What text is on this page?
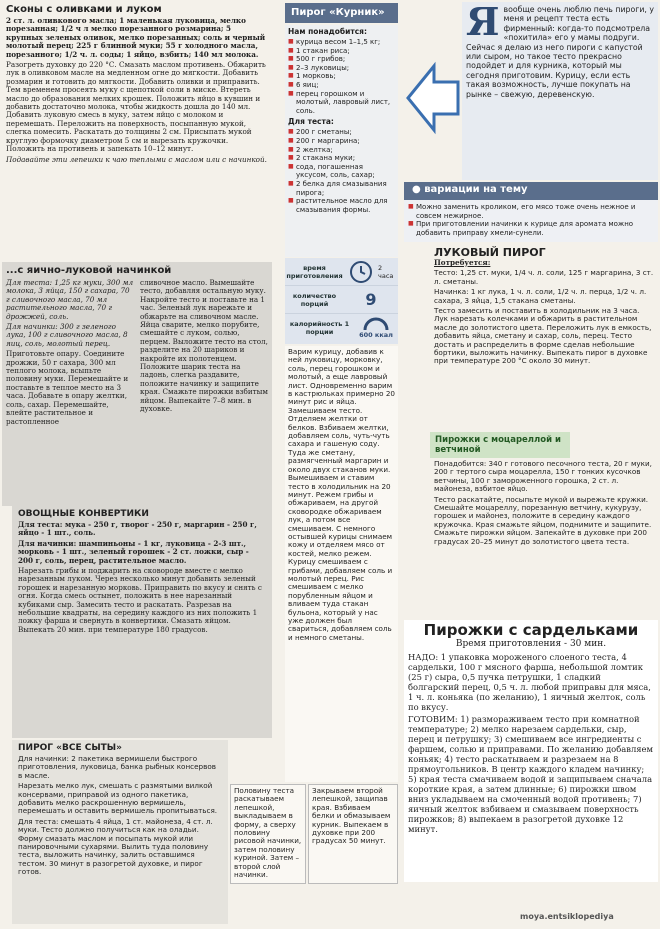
Сконы с оливками и луком

2 ст. л. оливкового масла; 1 маленькая луковица, мелко порезанная; 1/2 ч л мелко порезанного розмарина; 5 крупных зеленых оливок, мелко порезанных; соль и черный молотый перец; 225 г блинной муки; 55 г холодного масла, порезанного; 1/2 ч. л. соды; 1 яйцо, взбить; 140 мл молока.

Разогреть духовку до 220 °С. Смазать маслом противень. Обжарить лук в оливковом масле на медленном огне до мягкости. Добавить розмарин и готовить до мягкости. Добавить оливки и приправить. Тем временем просеять муку с щепоткой соли в миске. Втереть масло до образования мелких крошек. Положить яйцо в кувшин и добавить достаточно молока, чтобы жидкость дошла до 140 мл. Добавить луковую смесь в муку, затем яйцо с молоком и перемешать. Переложить на поверхность, посыпанную мукой, слегка помесить. Раскатать до толщины 2 см. Присыпать мукой круглую формочку диаметром 5 см и вырезать кружочки. Положить на противень и запекать 10–12 минут.

Подавайте эти лепешки к чаю теплыми с маслом или с начинкой.

Пирог «Курник»
Нам понадобится:
■ курица весом 1–1,5 кг;
■ 1 стакан риса;
■ 500 г грибов;
■ 2–3 луковицы;
■ 1 морковь;
■ 6 яиц;
■ перец горошком и молотый, лавровый лист, соль.
Для теста:
■ 200 г сметаны;
■ 200 г маргарина;
■ 2 желтка;
■ 2 стакана муки;
■ сода, погашенная уксусом, соль, сахар;
■ 2 белка для смазывания пирога;
■ растительное масло для смазывания формы.
время приготовления
2 часа
количество порций	9
калорийность 1 порции	600 ккал

Варим курицу, добавив к ней луковицу, морковку, соль, перец горошком и молотый, а еще лавровый лист. Одновременно варим в кастрюльках примерно 20 минут рис и яйца. Замешиваем тесто. Отделяем желтки от белков. Взбиваем желтки, добавляем соль, чуть-чуть сахара и гашеную соду. Туда же сметану, размягченный маргарин и около двух стаканов муки. Вымешиваем и ставим тесто в холодильник на 20 минут. Режем грибы и обжариваем, на другой сковородке обжариваем лук, а потом все смешиваем. С немного остывшей курицы снимаем кожу и отделяем мясо от костей, мелко режем. Курицу смешиваем с грибами, добавляем соль и молотый перец. Рис смешиваем с мелко порубленным яйцом и вливаем туда стакан бульона, который у нас уже должен был свариться, добавляем соль и немного сметаны.

Половину теста раскатываем лепешкой, выкладываем в форму, а сверху половину рисовой начинки, затем половину куриной. Затем – второй слой начинки.

Закрываем второй лепешкой, защипав края. Взбиваем белки и обмазываем курник. Выпекаем в духовке при 200 градусах 50 минут.

Я вообще очень люблю печь пироги, у меня и рецепт теста есть фирменный: когда-то подсмотрела «похитила» его у мамы подруги. Сейчас я делаю из него пироги с капустой или сыром, но такое тесто прекрасно подойдет и для курника, который мы сегодня приготовим. Курицу, если есть такая возможность, лучше покупать на рынке – свежую, деревенскую.

● вариации на тему
■ Можно заменить кроликом, его мясо тоже очень нежное и совсем нежирное.
■ При приготовлении начинки к курице для аромата можно добавить приправу хмели-сунели.
ЛУКОВЫЙ ПИРОГ
Потребуется:

Тесто: 1,25 ст. муки, 1/4 ч. л. соли, 125 г маргарина, 3 ст. л. сметаны.

Начинка: 1 кг лука, 1 ч. л. соли, 1/2 ч. л. перца, 1/2 ч. л. сахара, 3 яйца, 1,5 стакана сметаны.

Тесто замесить и поставить в холодильник на 3 часа. Лук нарезать колечками и обжарить в растительном масле до золотистого цвета. Переложить лук в емкость, добавить яйца, сметану и сахар, соль, перец. Тесто достать и распределить в форме сделав небольшие бортики, выложить начинку. Выпекать пирог в духовке при температуре 200 °С около 30 минут.

Пирожки с моцареллой и ветчиной

Понадобится: 340 г готового песочного теста, 20 г муки, 200 г тертого сыра моцарелла, 150 г тонких кусочков ветчины, 100 г замороженного горошка, 2 ст. л. майонеза, взбитое яйцо.

Тесто раскатайте, посыпьте мукой и вырежьте кружки. Смешайте моцареллу, порезанную ветчину, кукурузу, горошек и майонез, положите в середину каждого кружочка. Края смажьте яйцом, поднимите и защипите. Смажьте пирожки яйцом. Запекайте в духовке при 200 градусах 20–25 минут до золотистого цвета теста.

...с яично-луковой начинкой

Для теста: 1,25 кг муки, 300 мл молока, 3 яйца, 150 г сахара, 70 г сливочного масла, 70 мл растительного масла, 70 г дрожжей, соль.

Для начинки: 300 г зеленого лука, 100 г сливочного масла, 8 яиц, соль, молотый перец.

Приготовьте опару. Соедините дрожжи, 50 г сахара, 300 мл теплого молока, всыпьте половину муки. Перемешайте и поставьте в теплое место на 3 часа. Добавьте в опару желтки, соль, сахар. Перемешайте, влейте растительное и растопленное

сливочное масло. Вымешайте тесто, добавляя остальную муку. Накройте тесто и поставьте на 1 час. Зеленый лук нарежьте и обжарьте на сливочном масле. Яйца сварите, мелко порубите, смешайте с луком, солью, перцем. Выложите тесто на стол, разделите на 20 шариков и накройте их полотенцем. Положите шарик теста на ладонь, слегка раздавите, положите начинку и защипите края. Смажьте пирожки взбитым яйцом. Выпекайте 7–8 мин. в духовке.

ОВОЩНЫЕ КОНВЕРТИКИ

Для теста: мука - 250 г, творог - 250 г, маргарин - 250 г, яйцо - 1 шт., соль.

Для начинки: шампиньоны - 1 кг, луковица - 2-3 шт., морковь - 1 шт., зеленый горошек - 2 ст. ложки, сыр - 200 г, соль, перец, растительное масло.

Нарезать грибы и поджарить на сковороде вместе с мелко нарезанным луком. Через несколько минут добавить зеленый горошек и нарезанную морковь. Приправить по вкусу и снять с огня. Когда смесь остынет, положить в нее нарезанный кубиками сыр. Замесить тесто и раскатать. Разрезав на небольшие квадраты, на середину каждого из них положить 1 ложку фарша и свернуть в конвертики. Смазать яйцом. Выпекать 20 мин. при температуре 180 градусов.

ПИРОГ «ВСЕ СЫТЫ»

Для начинки: 2 пакетика вермишели быстрого приготовления, луковица, банка рыбных консервов в масле.

Нарезать мелко лук, смешать с размятыми вилкой консервами, приправой из одного пакетика, добавить мелко раскрошенную вермишель, перемешать и оставить вермишель пропитываться.

Для теста: смешать 4 яйца, 1 ст. майонеза, 4 ст. л. муки. Тесто должно получиться как на оладьи. Форму смазать маслом и посыпать мукой или панировочными сухарями. Вылить туда половину теста, выложить начинку, залить оставшимся тестом. 30 минут в разогретой духовке, и пирог готов.

Пирожки с сардельками

Время приготовления - 30 мин.

НАДО: 1 упаковка мороженого слоеного теста, 4 сардельки, 100 г мясного фарша, небольшой ломтик (25 г) сыра, 0,5 пучка петрушки, 1 сладкий болгарский перец, 0,5 ч. л. любой приправы для мяса, 1 ч. л. коньяка (по желанию), 1 яичный желток, соль по вкусу.

ГОТОВИМ: 1) разморaживаем тесто при комнатной температуре; 2) мелко нарезаем сардельки, сыр, перец и петрушку; 3) смешиваем все ингредиенты с фаршем, солью и приправами. По желанию добавляем коньяк; 4) тесто раскатываем и разрезаем на 8 прямоугольников. В центр каждого кладем начинку; 5) края теста смачиваем водой и защипываем сначала короткие края, а затем длинные; 6) пирожки швом вниз укладываем на смоченный водой противень; 7) яичный желток взбиваем и смазываем поверхность пирожков; 8) выпекаем в разогретой духовке 12 минут.

moya.entsiklopediya
